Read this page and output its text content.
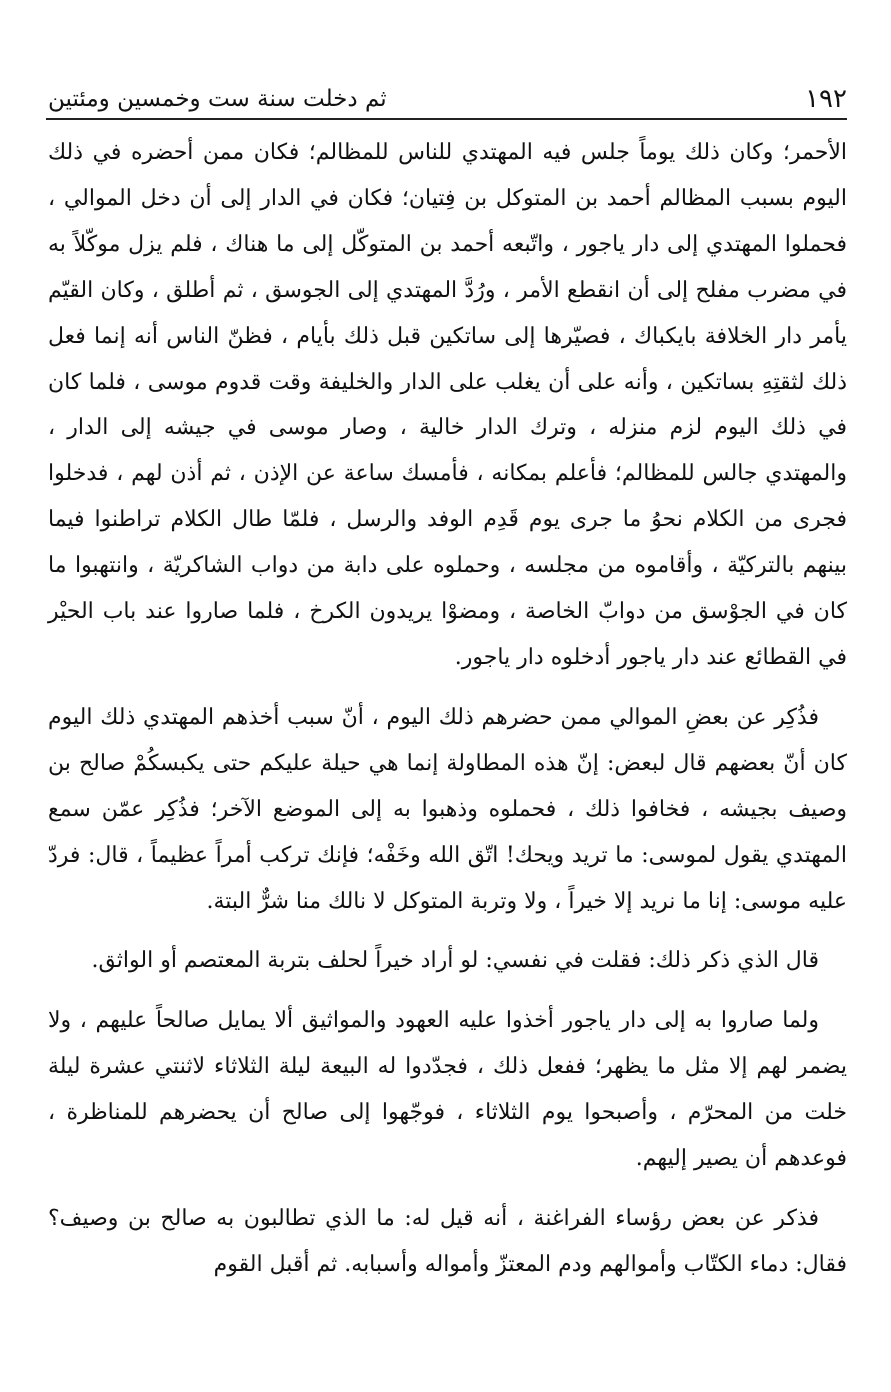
١٩٢
ثم دخلت سنة ست وخمسين ومئتين

الأحمر؛ وكان ذلك يوماً جلس فيه المهتدي للناس للمظالم؛ فكان ممن أحضره في ذلك اليوم بسبب المظالم أحمد بن المتوكل بن فِتيان؛ فكان في الدار إلى أن دخل الموالي ، فحملوا المهتدي إلى دار ياجور ، واتّبعه أحمد بن المتوكّل إلى ما هناك ، فلم يزل موكّلاً به في مضرب مفلح إلى أن انقطع الأمر ، ورُدَّ المهتدي إلى الجوسق ، ثم أطلق ، وكان القيّم يأمر دار الخلافة بايكباك ، فصيّرها إلى ساتكين قبل ذلك بأيام ، فظنّ الناس أنه إنما فعل ذلك لثقتِهِ بساتكين ، وأنه على أن يغلب على الدار والخليفة وقت قدوم موسى ، فلما كان في ذلك اليوم لزم منزله ، وترك الدار خالية ، وصار موسى في جيشه إلى الدار ، والمهتدي جالس للمظالم؛ فأعلم بمكانه ، فأمسك ساعة عن الإذن ، ثم أذن لهم ، فدخلوا فجرى من الكلام نحوُ ما جرى يوم قَدِم الوفد والرسل ، فلمّا طال الكلام تراطنوا فيما بينهم بالتركيّة ، وأقاموه من مجلسه ، وحملوه على دابة من دواب الشاكريّة ، وانتهبوا ما كان في الجوْسق من دوابّ الخاصة ، ومضوْا يريدون الكرخ ، فلما صاروا عند باب الحيْر في القطائع عند دار ياجور أدخلوه دار ياجور.

فذُكِر عن بعضِ الموالي ممن حضرهم ذلك اليوم ، أنّ سبب أخذهم المهتدي ذلك اليوم كان أنّ بعضهم قال لبعض: إنّ هذه المطاولة إنما هي حيلة عليكم حتى يكبسكُمْ صالح بن وصيف بجيشه ، فخافوا ذلك ، فحملوه وذهبوا به إلى الموضع الآخر؛ فذُكِر عمّن سمع المهتدي يقول لموسى: ما تريد ويحك! اتّق الله وخَفْه؛ فإنك تركب أمراً عظيماً ، قال: فردّ عليه موسى: إنا ما نريد إلا خيراً ، ولا وتربة المتوكل لا نالك منا شرٌّ البتة.

قال الذي ذكر ذلك: فقلت في نفسي: لو أراد خيراً لحلف بتربة المعتصم أو الواثق.

ولما صاروا به إلى دار ياجور أخذوا عليه العهود والمواثيق ألا يمايل صالحاً عليهم ، ولا يضمر لهم إلا مثل ما يظهر؛ ففعل ذلك ، فجدّدوا له البيعة ليلة الثلاثاء لاثنتي عشرة ليلة خلت من المحرّم ، وأصبحوا يوم الثلاثاء ، فوجّهوا إلى صالح أن يحضرهم للمناظرة ، فوعدهم أن يصير إليهم.

فذكر عن بعض رؤساء الفراغنة ، أنه قيل له: ما الذي تطالبون به صالح بن وصيف؟ فقال: دماء الكتّاب وأموالهم ودم المعتزّ وأمواله وأسبابه. ثم أقبل القوم
